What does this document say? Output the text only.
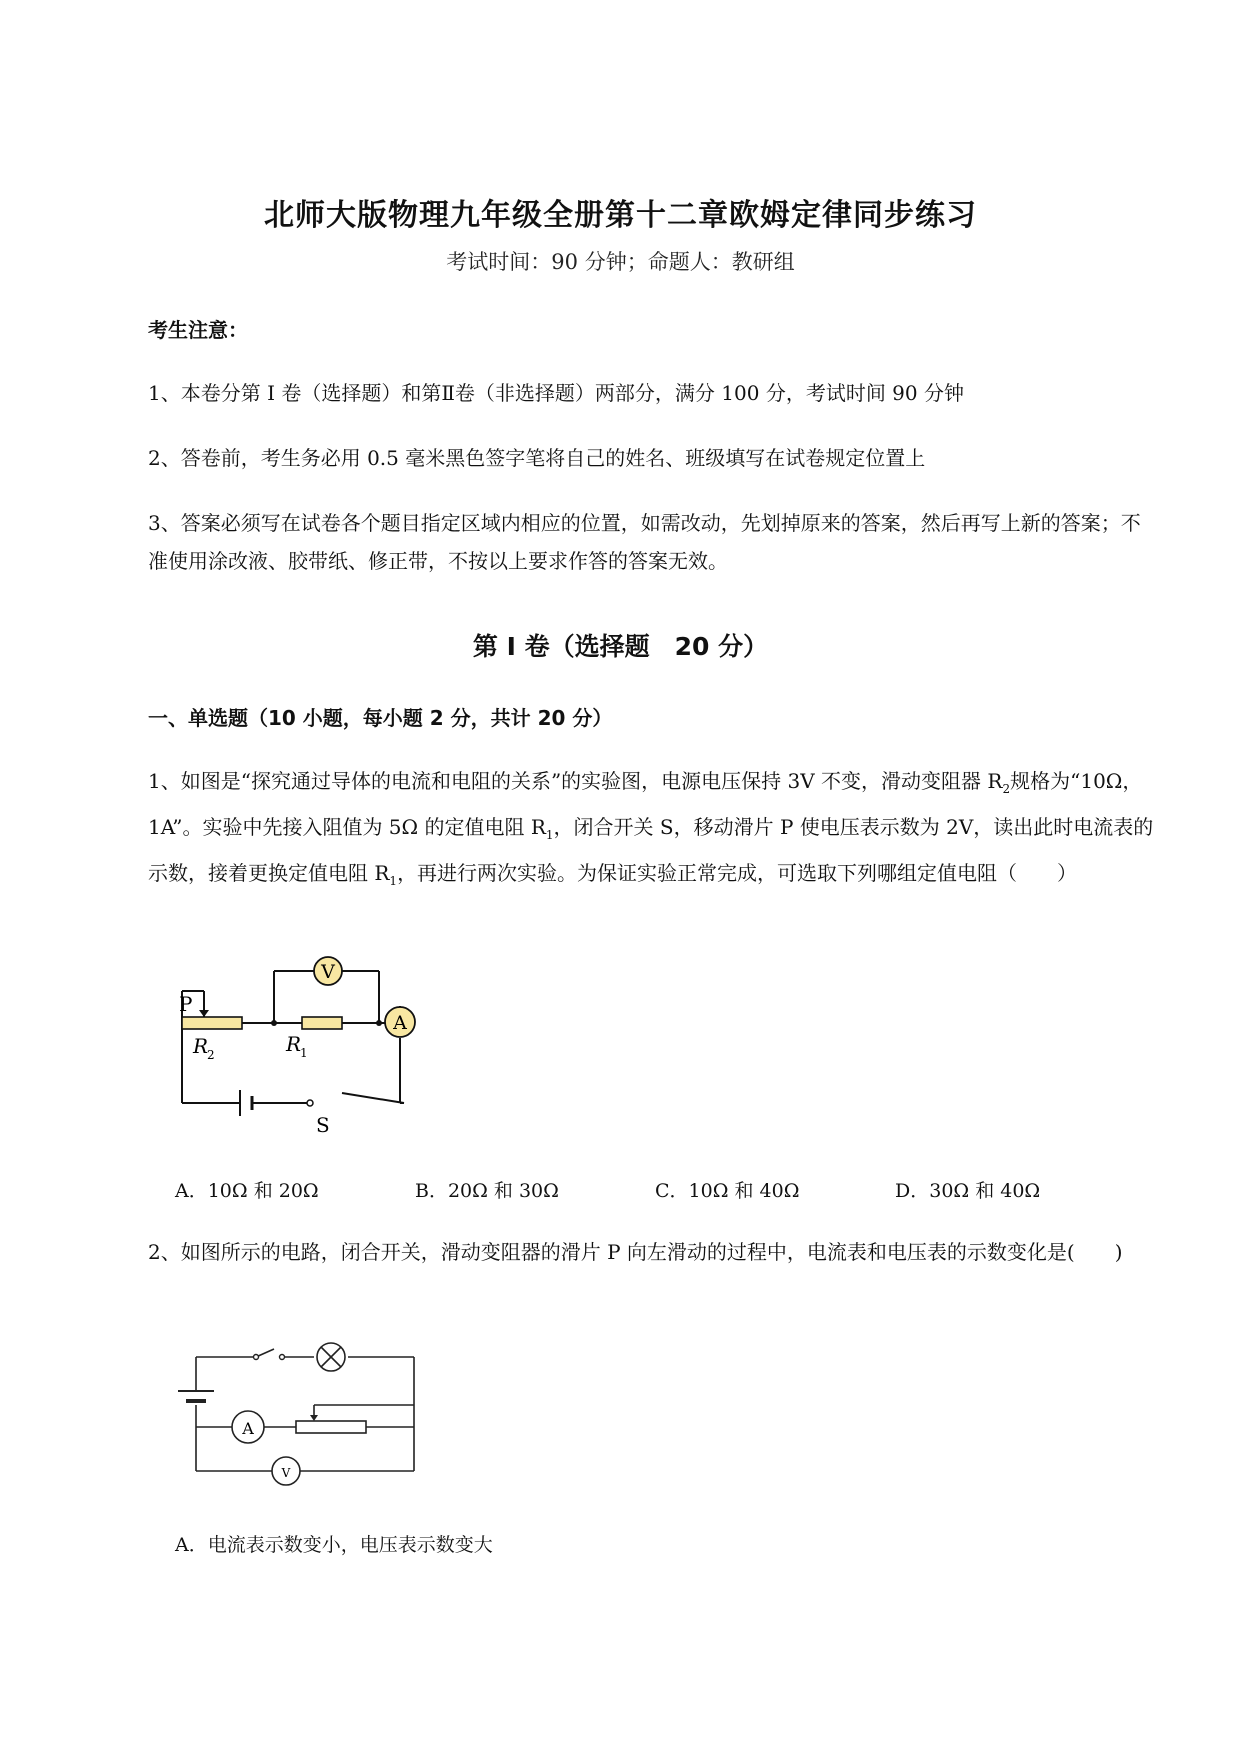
北师大版物理九年级全册第十二章欧姆定律同步练习
考试时间：90 分钟；命题人：教研组
考生注意：
1、本卷分第 I 卷（选择题）和第Ⅱ卷（非选择题）两部分，满分 100 分，考试时间 90 分钟
2、答卷前，考生务必用 0.5 毫米黑色签字笔将自己的姓名、班级填写在试卷规定位置上
3、答案必须写在试卷各个题目指定区域内相应的位置，如需改动，先划掉原来的答案，然后再写上新的答案；不准使用涂改液、胶带纸、修正带，不按以上要求作答的答案无效。
第 I 卷（选择题　20 分）
一、单选题（10 小题，每小题 2 分，共计 20 分）
1、如图是“探究通过导体的电流和电阻的关系”的实验图，电源电压保持 3V 不变，滑动变阻器 $R_2$规格为“10Ω，1A”。实验中先接入阻值为 5Ω 的定值电阻 $R_1$，闭合开关 S，移动滑片 P 使电压表示数为 2V，读出此时电流表的示数，接着更换定值电阻 $R_1$，再进行两次实验。为保证实验正常完成，可选取下列哪组定值电阻（　　）
P
R
2	R
1
V
A
S
A．10Ω 和 20Ω	B．20Ω 和 30Ω	C．10Ω 和 40Ω	D．30Ω 和 40Ω
2、如图所示的电路，闭合开关，滑动变阻器的滑片 P 向左滑动的过程中，电流表和电压表的示数变化是(　　)
A
V
A．电流表示数变小，电压表示数变大
